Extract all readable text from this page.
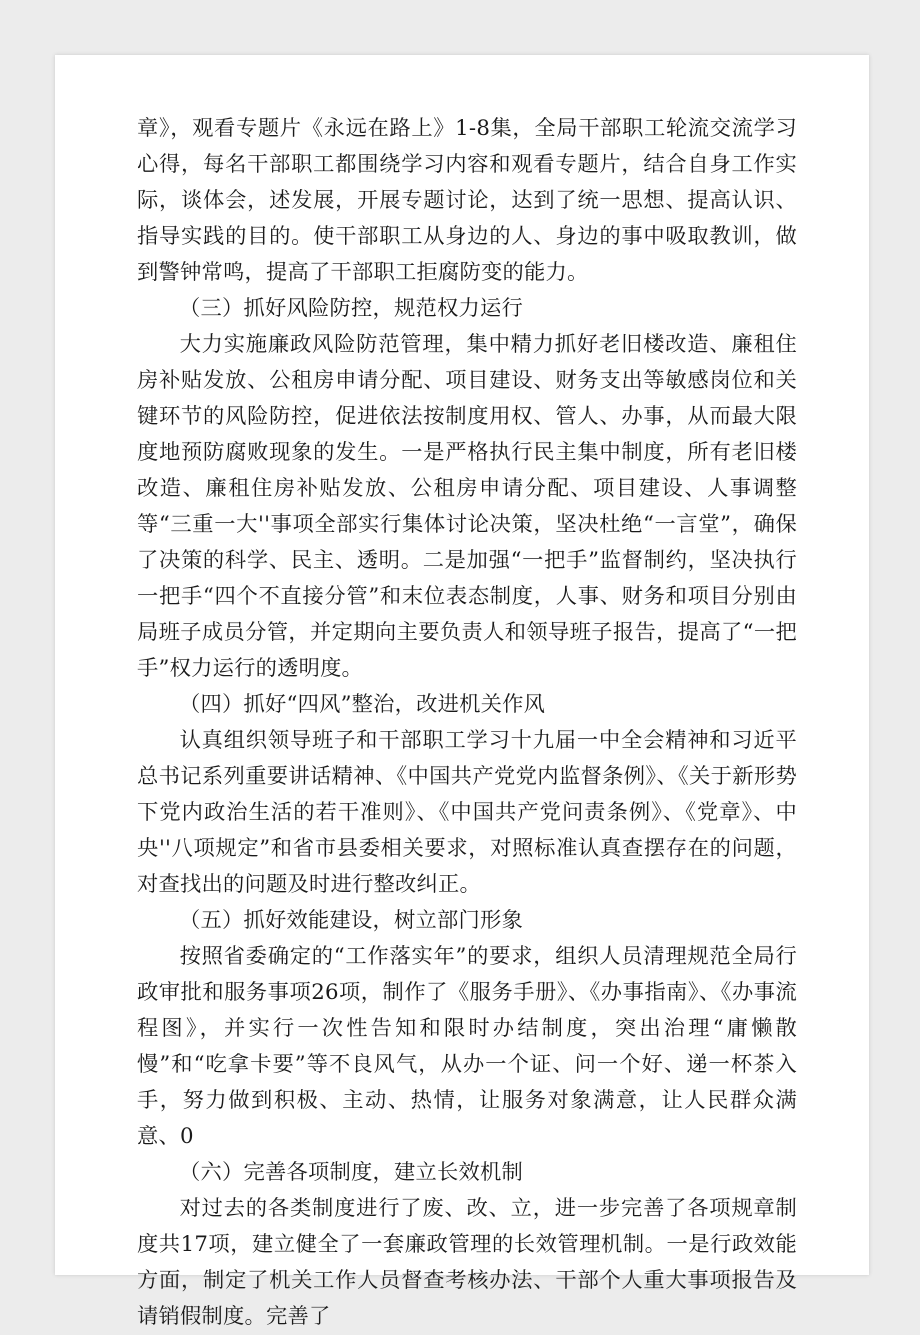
章》，观看专题片《永远在路上》1-8集，全局干部职工轮流交流学习心得，每名干部职工都围绕学习内容和观看专题片，结合自身工作实际，谈体会，述发展，开展专题讨论，达到了统一思想、提高认识、指导实践的目的。使干部职工从身边的人、身边的事中吸取教训，做到警钟常鸣，提高了干部职工拒腐防变的能力。

（三）抓好风险防控，规范权力运行

大力实施廉政风险防范管理，集中精力抓好老旧楼改造、廉租住房补贴发放、公租房申请分配、项目建设、财务支出等敏感岗位和关键环节的风险防控，促进依法按制度用权、管人、办事，从而最大限度地预防腐败现象的发生。一是严格执行民主集中制度，所有老旧楼改造、廉租住房补贴发放、公租房申请分配、项目建设、人事调整等“三重一大''事项全部实行集体讨论决策，坚决杜绝“一言堂”，确保了决策的科学、民主、透明。二是加强“一把手”监督制约，坚决执行一把手“四个不直接分管”和末位表态制度，人事、财务和项目分别由局班子成员分管，并定期向主要负责人和领导班子报告，提高了“一把手”权力运行的透明度。

（四）抓好“四风”整治，改进机关作风

认真组织领导班子和干部职工学习十九届一中全会精神和习近平总书记系列重要讲话精神、《中国共产党党内监督条例》、《关于新形势下党内政治生活的若干准则》、《中国共产党问责条例》、《党章》、中央''八项规定”和省市县委相关要求，对照标准认真查摆存在的问题，对查找出的问题及时进行整改纠正。

（五）抓好效能建设，树立部门形象

按照省委确定的“工作落实年”的要求，组织人员清理规范全局行政审批和服务事项26项，制作了《服务手册》、《办事指南》、《办事流程图》，并实行一次性告知和限时办结制度，突出治理“庸懒散慢”和“吃拿卡要”等不良风气，从办一个证、问一个好、递一杯茶入手，努力做到积极、主动、热情，让服务对象满意，让人民群众满意、0

（六）完善各项制度，建立长效机制

对过去的各类制度进行了废、改、立，进一步完善了各项规章制度共17项，建立健全了一套廉政管理的长效管理机制。一是行政效能方面，制定了机关工作人员督查考核办法、干部个人重大事项报告及请销假制度。完善了
